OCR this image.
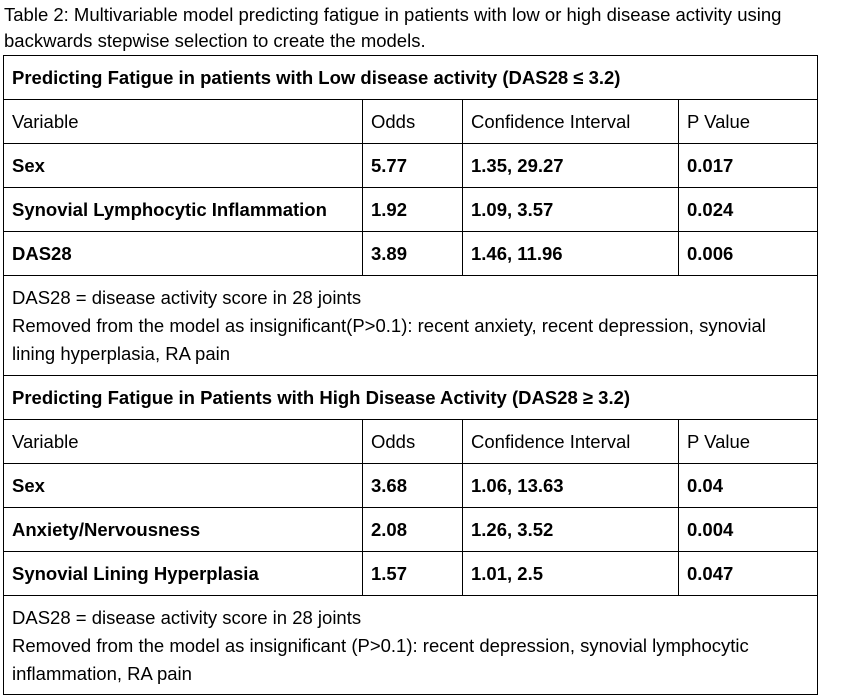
Table 2: Multivariable model predicting fatigue in patients with low or high disease activity using backwards stepwise selection to create the models.
Predicting Fatigue in patients with Low disease activity (DAS28 ≤ 3.2)			
Variable	Odds	Confidence Interval	P Value
Sex	5.77	1.35, 29.27	0.017
Synovial Lymphocytic Inflammation	1.92	1.09, 3.57	0.024
DAS28	3.89	1.46, 11.96	0.006

DAS28 = disease activity score in 28 joints
Removed from the model as insignificant(P>0.1): recent anxiety, recent depression, synovial lining hyperplasia, RA pain			

Predicting Fatigue in Patients with High Disease Activity (DAS28 ≥ 3.2)			
Variable	Odds	Confidence Interval	P Value
Sex	3.68	1.06, 13.63	0.04
Anxiety/Nervousness	2.08	1.26, 3.52	0.004
Synovial Lining Hyperplasia	1.57	1.01, 2.5	0.047

DAS28 = disease activity score in 28 joints
Removed from the model as insignificant (P>0.1): recent depression, synovial lymphocytic inflammation, RA pain			
